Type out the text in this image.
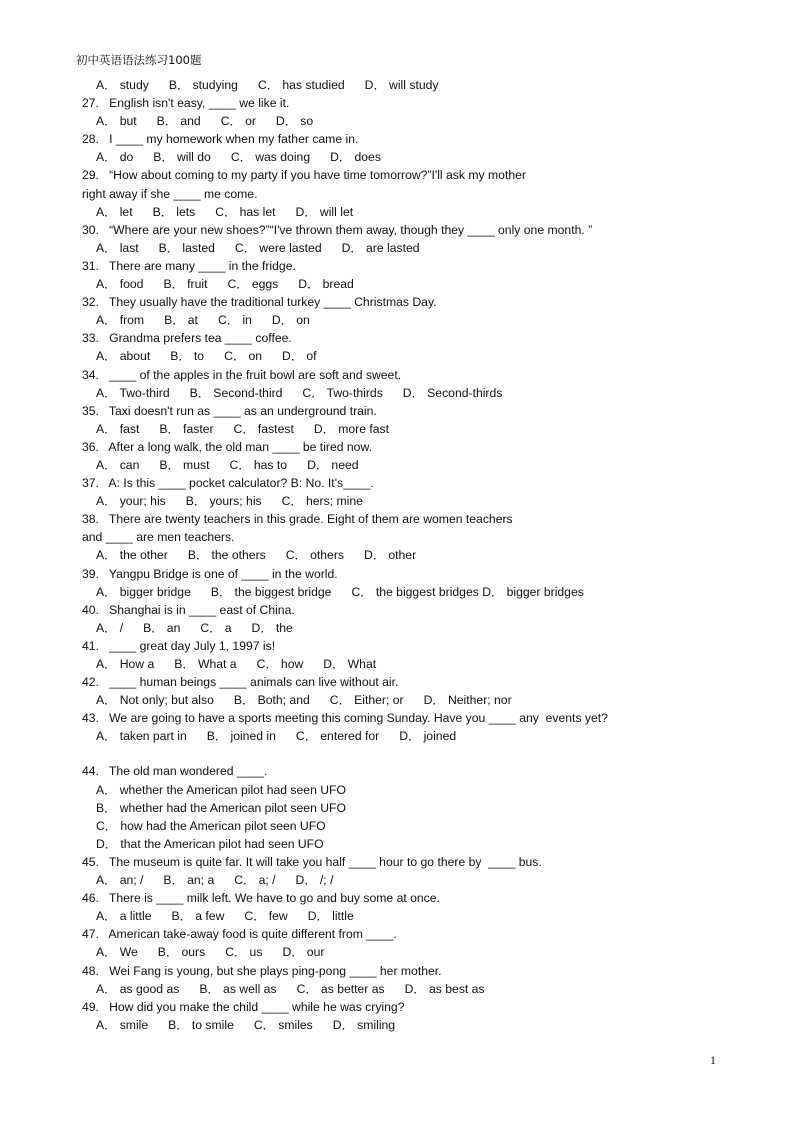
初中英语语法练习100题
A． study B． studying C． has studied D． will study
27.   English isn't easy, ____ we like it.
A． but B． and C． or D． so
28.   I ____ my homework when my father came in.
A． do B． will do C． was doing D． does
29.   “How about coming to my party if you have time tomorrow?”I'll ask my mother
right away if she ____ me come.
A． let B． lets C． has let D． will let
30.   “Where are your new shoes?”“I've thrown them away, though they ____ only one month. ”
A． last B． lasted C． were lasted D． are lasted
31.   There are many ____ in the fridge.
A． food B． fruit C． eggs D． bread
32.   They usually have the traditional turkey ____ Christmas Day.
A． from B． at C． in D． on
33.   Grandma prefers tea ____ coffee.
A． about B． to C． on D． of
34.   ____ of the apples in the fruit bowl are soft and sweet.
A． Two-third B． Second-third C． Two-thirds D． Second-thirds
35.   Taxi doesn't run as ____ as an underground train.
A． fast B． faster C． fastest D． more fast
36.   After a long walk, the old man ____ be tired now.
A． can B． must C． has to D． need
37.   A: Is this ____ pocket calculator? B: No. It's____.
A． your; his B． yours; his C． hers; mine
38.   There are twenty teachers in this grade. Eight of them are women teachers
and ____ are men teachers.
A． the other B． the others C． others D． other
39.   Yangpu Bridge is one of ____ in the world.
A． bigger bridge B． the biggest bridge C． the biggest bridges D． bigger bridges
40.   Shanghai is in ____ east of China.
A． / B． an C． a D． the
41.   ____ great day July 1, 1997 is!
A． How a B． What a C． how D． What
42.   ____ human beings ____ animals can live without air.
A． Not only; but also B． Both; and C． Either; or D． Neither; nor
43.   We are going to have a sports meeting this coming Sunday. Have you ____ any  events yet?
A． taken part in B． joined in C． entered for D． joined
44.   The old man wondered ____.
A． whether the American pilot had seen UFO
B． whether had the American pilot seen UFO
C． how had the American pilot seen UFO
D． that the American pilot had seen UFO
45.   The museum is quite far. It will take you half ____ hour to go there by  ____ bus.
A． an; / B． an; a C． a; / D． /; /
46.   There is ____ milk left. We have to go and buy some at once.
A． a little B． a few C． few D． little
47.   American take-away food is quite different from ____.
A． We B． ours C． us D． our
48.   Wei Fang is young, but she plays ping-pong ____ her mother.
A． as good as B． as well as C． as better as D． as best as
49.   How did you make the child ____ while he was crying?
A． smile B． to smile C． smiles D． smiling
1
